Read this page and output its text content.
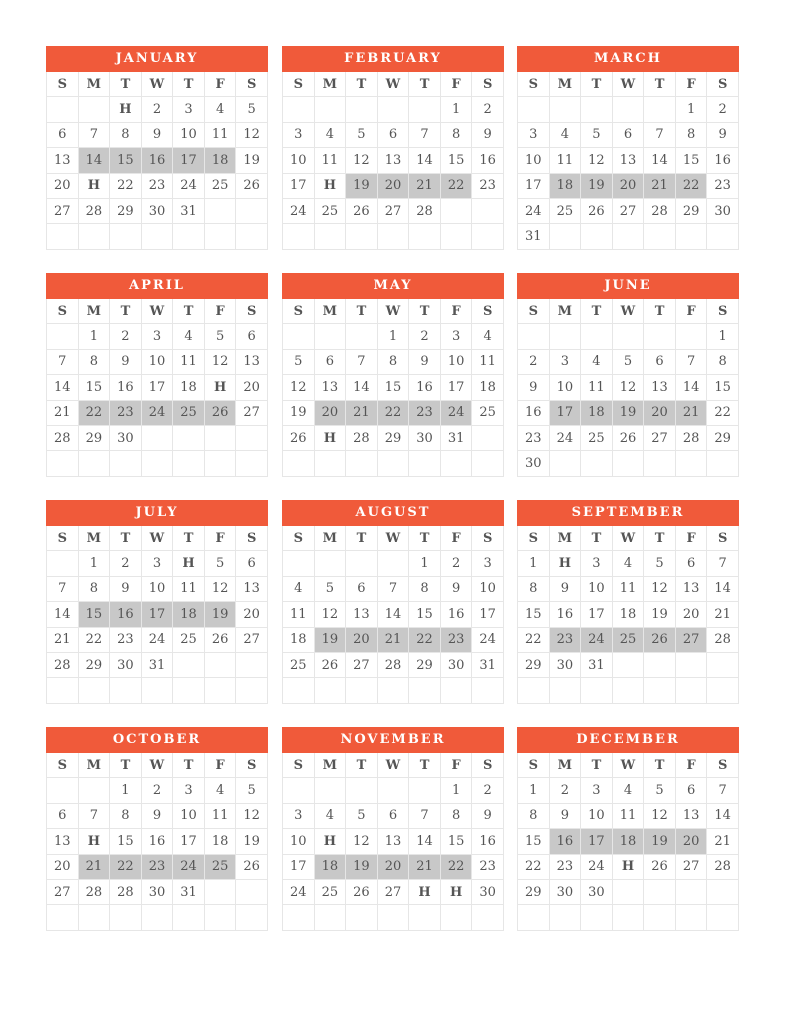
JANUARY
S	M	T	W	T	F	S
		H	2	3	4	5
6	7	8	9	10	11	12
13	14	15	16	17	18	19
20	H	22	23	24	25	26
27	28	29	30	31		

FEBRUARY
S	M	T	W	T	F	S
					1	2
3	4	5	6	7	8	9
10	11	12	13	14	15	16
17	H	19	20	21	22	23
24	25	26	27	28		

MARCH
S	M	T	W	T	F	S
					1	2
3	4	5	6	7	8	9
10	11	12	13	14	15	16
17	18	19	20	21	22	23
24	25	26	27	28	29	30
31						
APRIL
S	M	T	W	T	F	S
	1	2	3	4	5	6
7	8	9	10	11	12	13
14	15	16	17	18	H	20
21	22	23	24	25	26	27
28	29	30				

MAY
S	M	T	W	T	F	S
			1	2	3	4
5	6	7	8	9	10	11
12	13	14	15	16	17	18
19	20	21	22	23	24	25
26	H	28	29	30	31	

JUNE
S	M	T	W	T	F	S
						1
2	3	4	5	6	7	8
9	10	11	12	13	14	15
16	17	18	19	20	21	22
23	24	25	26	27	28	29
30						
JULY
S	M	T	W	T	F	S
	1	2	3	H	5	6
7	8	9	10	11	12	13
14	15	16	17	18	19	20
21	22	23	24	25	26	27
28	29	30	31			

AUGUST
S	M	T	W	T	F	S
				1	2	3
4	5	6	7	8	9	10
11	12	13	14	15	16	17
18	19	20	21	22	23	24
25	26	27	28	29	30	31

SEPTEMBER
S	M	T	W	T	F	S
1	H	3	4	5	6	7
8	9	10	11	12	13	14
15	16	17	18	19	20	21
22	23	24	25	26	27	28
29	30	31				

OCTOBER
S	M	T	W	T	F	S
		1	2	3	4	5
6	7	8	9	10	11	12
13	H	15	16	17	18	19
20	21	22	23	24	25	26
27	28	28	30	31		

NOVEMBER
S	M	T	W	T	F	S
					1	2
3	4	5	6	7	8	9
10	H	12	13	14	15	16
17	18	19	20	21	22	23
24	25	26	27	H	H	30

DECEMBER
S	M	T	W	T	F	S
1	2	3	4	5	6	7
8	9	10	11	12	13	14
15	16	17	18	19	20	21
22	23	24	H	26	27	28
29	30	30				
